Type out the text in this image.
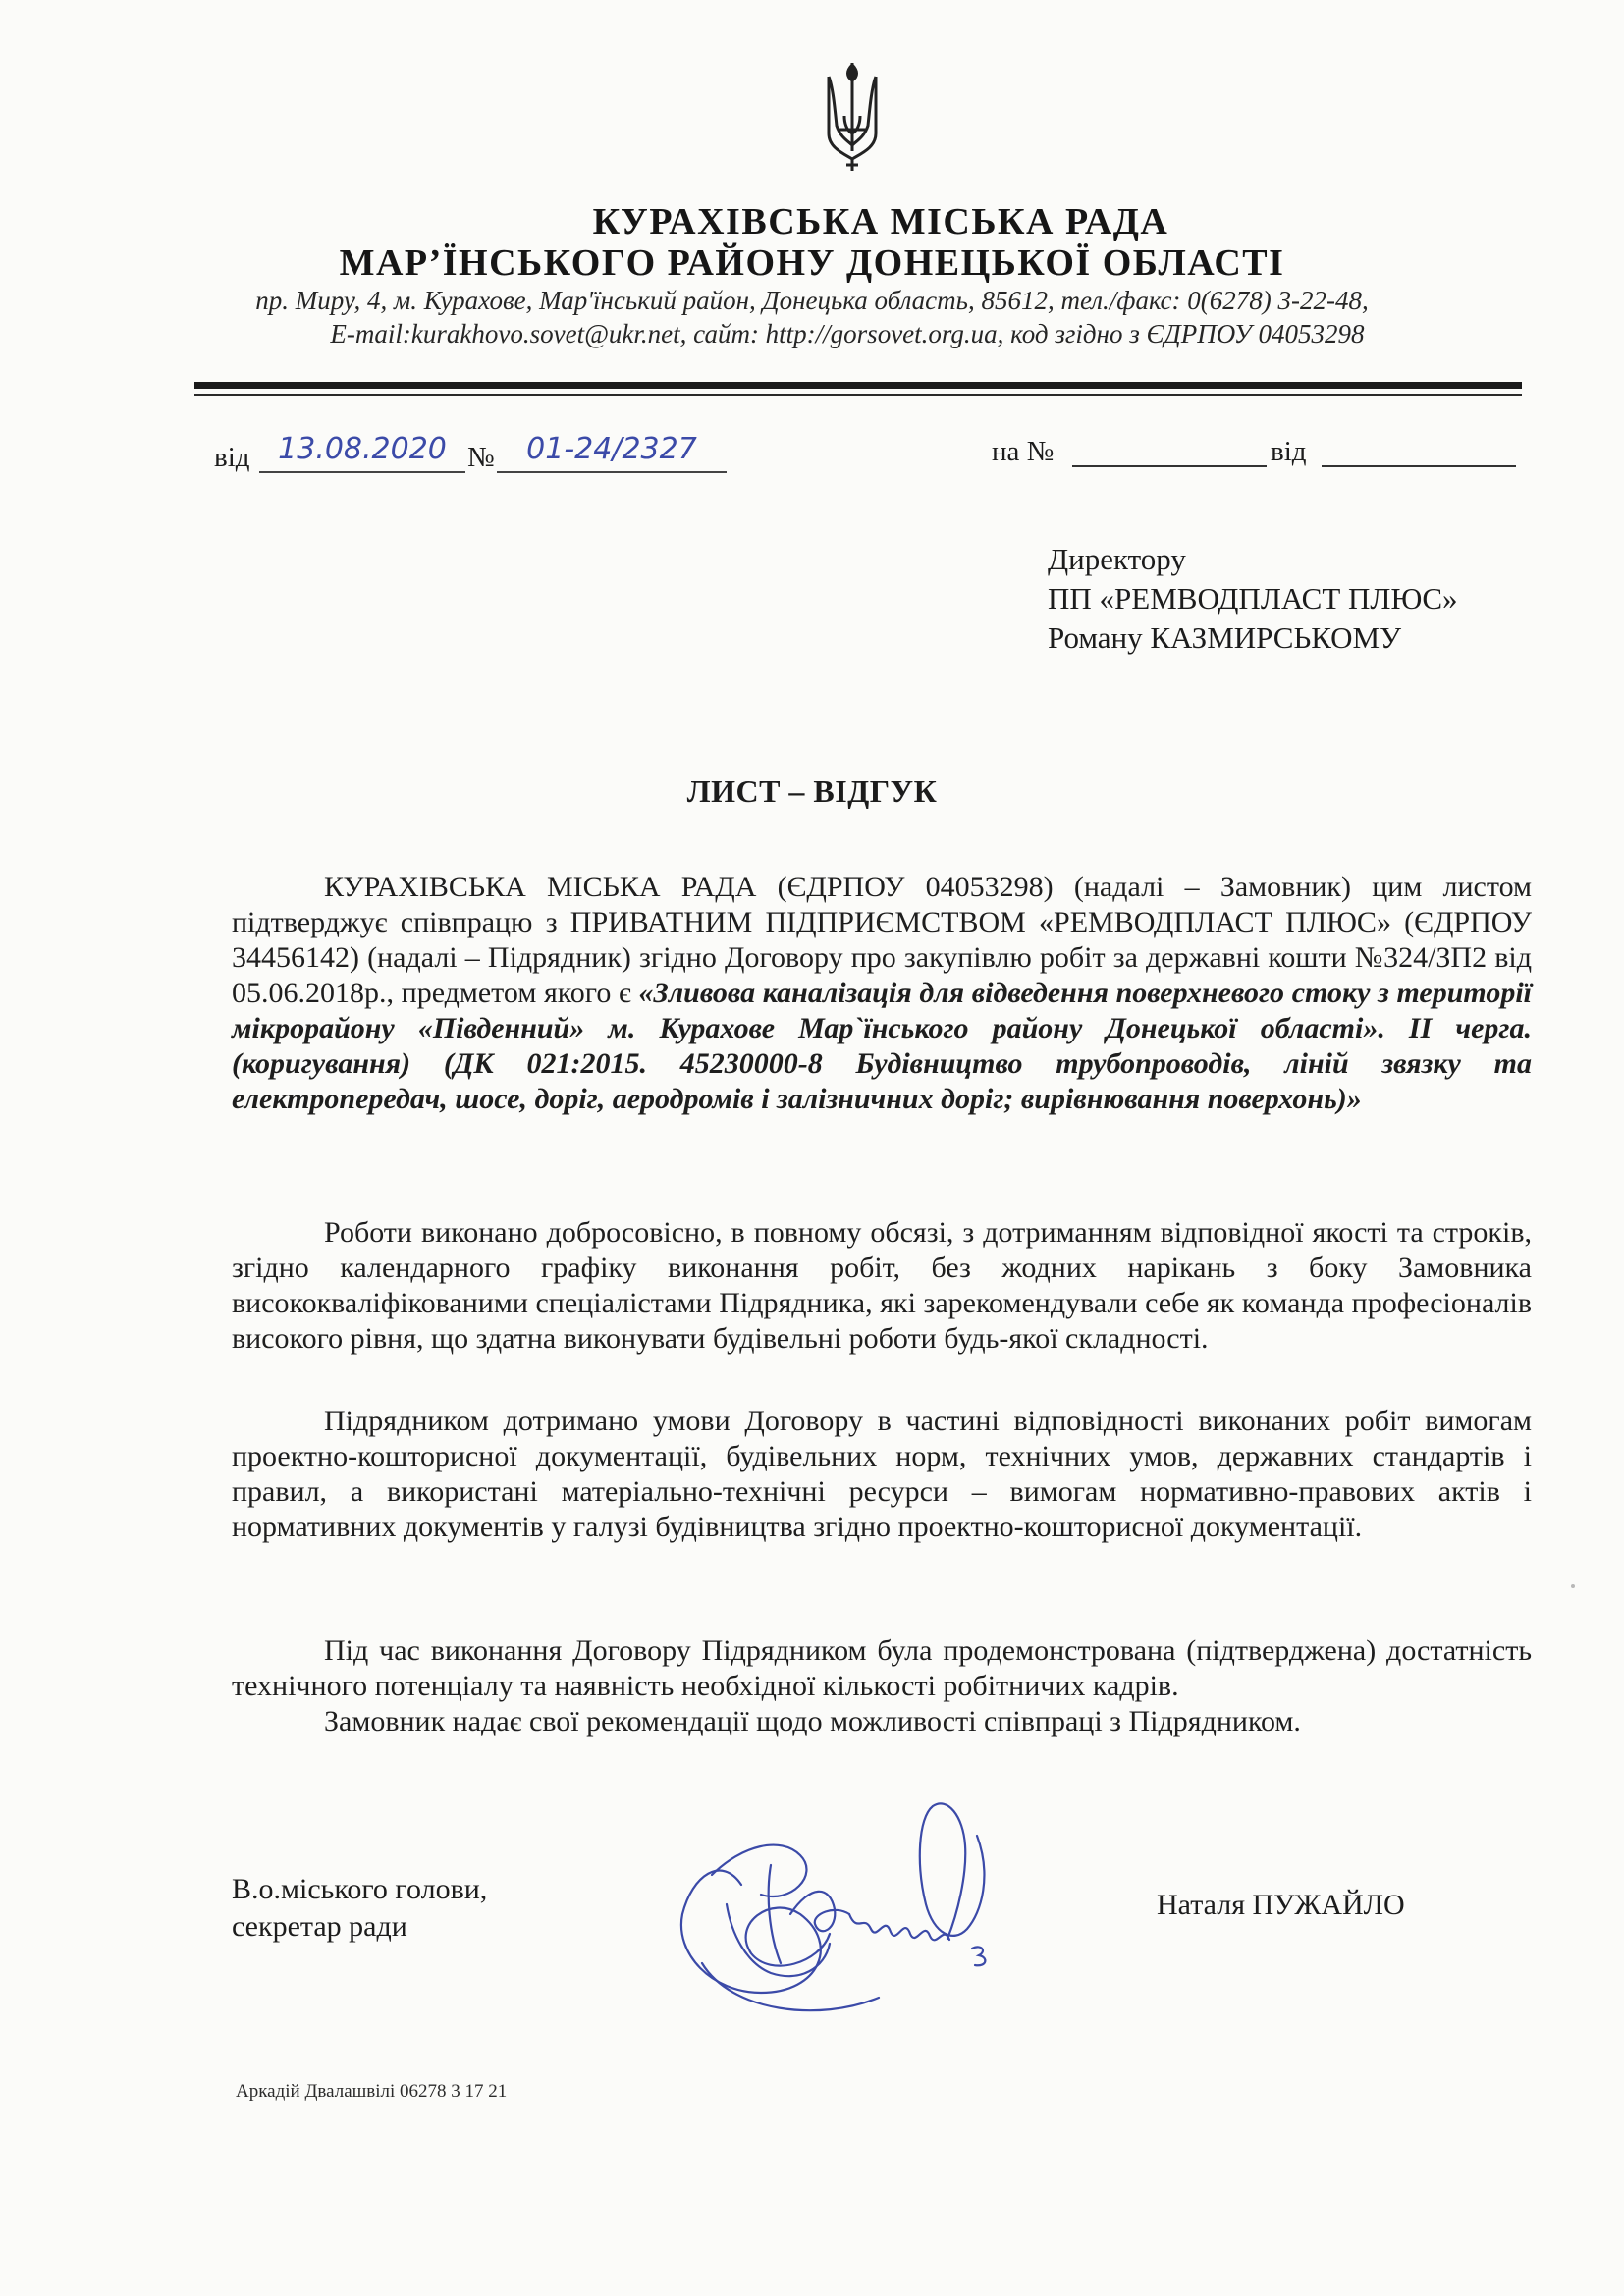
КУРАХІВСЬКА МІСЬКА РАДА
МАР’ЇНСЬКОГО РАЙОНУ ДОНЕЦЬКОЇ ОБЛАСТІ
пр. Миру, 4, м. Курахове, Мар'їнський район, Донецька область, 85612, тел./факс: 0(6278) 3-22-48,
E-mail:kurakhovo.sovet@ukr.net, сайт: http://gorsovet.org.ua, код згідно з ЄДРПОУ 04053298
від 13.08.2020 №	01-24/2327	на №	від
Директору
ПП «РЕМВОДПЛАСТ ПЛЮС»
Роману КАЗМИРСЬКОМУ
ЛИСТ – ВІДГУК
КУРАХІВСЬКА МІСЬКА РАДА (ЄДРПОУ 04053298) (надалі – Замовник) цим листом підтверджує співпрацю з ПРИВАТНИМ ПІДПРИЄМСТВОМ «РЕМВОДПЛАСТ ПЛЮС» (ЄДРПОУ 34456142) (надалі – Підрядник) згідно Договору про закупівлю робіт за державні кошти №324/ЗП2 від 05.06.2018р., предметом якого є «Зливова каналізація для відведення поверхневого стоку з території мікрорайону «Південний» м. Курахове Мар`їнського району Донецької області». ІІ черга. (коригування) (ДК 021:2015. 45230000-8 Будівництво трубопроводів, ліній звязку та електропередач, шосе, доріг, аеродромів і залізничних доріг; вирівнювання поверхонь)»
Роботи виконано добросовісно, в повному обсязі, з дотриманням відповідної якості та строків, згідно календарного графіку виконання робіт, без жодних нарікань з боку Замовника висококваліфікованими спеціалістами Підрядника, які зарекомендували себе як команда професіоналів високого рівня, що здатна виконувати будівельні роботи будь-якої складності.
Підрядником дотримано умови Договору в частині відповідності виконаних робіт вимогам проектно-кошторисної документації, будівельних норм, технічних умов, державних стандартів і правил, а використані матеріально-технічні ресурси – вимогам нормативно-правових актів і нормативних документів у галузі будівництва згідно проектно-кошторисної документації.
Під час виконання Договору Підрядником була продемонстрована (підтверджена) достатність технічного потенціалу та наявність необхідної кількості робітничих кадрів.
Замовник надає свої рекомендації щодо можливості співпраці з Підрядником.
В.о.міського голови,
секретар ради
Наталя ПУЖАЙЛО
Аркадій Двалашвілі 06278 3 17 21
